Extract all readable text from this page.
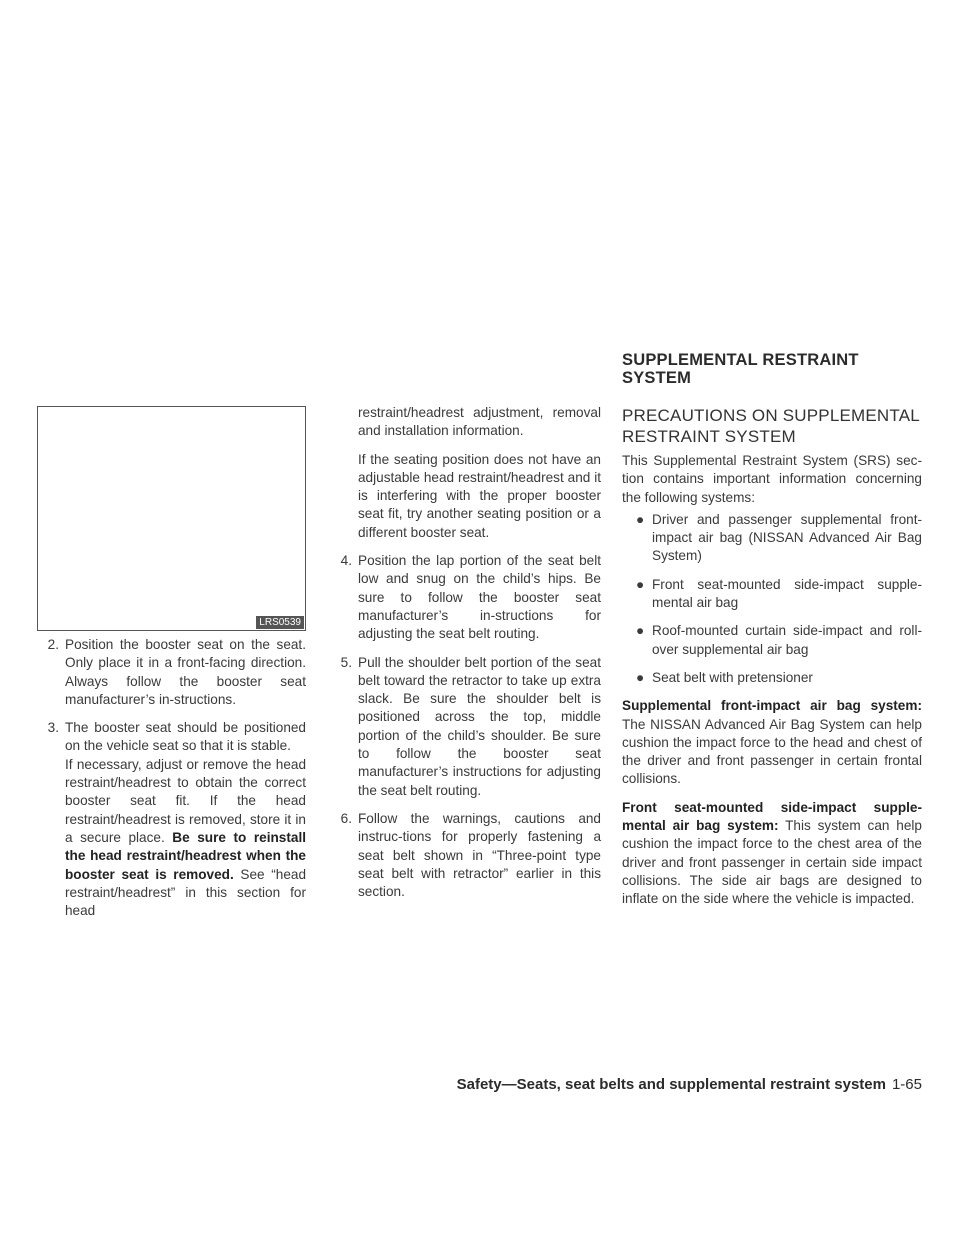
LRS0539
2. Position the booster seat on the seat. Only place it in a front-facing direction. Always follow the booster seat manufacturer’s in-structions.
3. The booster seat should be positioned on the vehicle seat so that it is stable.

If necessary, adjust or remove the head restraint/headrest to obtain the correct booster seat fit. If the head restraint/headrest is removed, store it in a secure place. Be sure to reinstall the head restraint/headrest when the booster seat is removed. See “head restraint/headrest” in this section for head

restraint/headrest adjustment, removal and installation information.

If the seating position does not have an adjustable head restraint/headrest and it is interfering with the proper booster seat fit, try another seating position or a different booster seat.

4. Position the lap portion of the seat belt low and snug on the child’s hips. Be sure to follow the booster seat manufacturer’s in-structions for adjusting the seat belt routing.
5. Pull the shoulder belt portion of the seat belt toward the retractor to take up extra slack. Be sure the shoulder belt is positioned across the top, middle portion of the child’s shoulder. Be sure to follow the booster seat manufacturer’s instructions for adjusting the seat belt routing.
6. Follow the warnings, cautions and instruc-tions for properly fastening a seat belt shown in “Three-point type seat belt with retractor” earlier in this section.
SUPPLEMENTAL RESTRAINT
SYSTEM
PRECAUTIONS ON SUPPLEMENTAL
RESTRAINT SYSTEM

This Supplemental Restraint System (SRS) sec-tion contains important information concerning the following systems:

● Driver and passenger supplemental front-impact air bag (NISSAN Advanced Air Bag System)
● Front seat-mounted side-impact supple-mental air bag
● Roof-mounted curtain side-impact and roll-over supplemental air bag
● Seat belt with pretensioner

Supplemental front-impact air bag system: The NISSAN Advanced Air Bag System can help cushion the impact force to the head and chest of the driver and front passenger in certain frontal collisions.

Front seat-mounted side-impact supple-mental air bag system: This system can help cushion the impact force to the chest area of the driver and front passenger in certain side impact collisions. The side air bags are designed to inflate on the side where the vehicle is impacted.

Safety—Seats, seat belts and supplemental restraint system 1-65
